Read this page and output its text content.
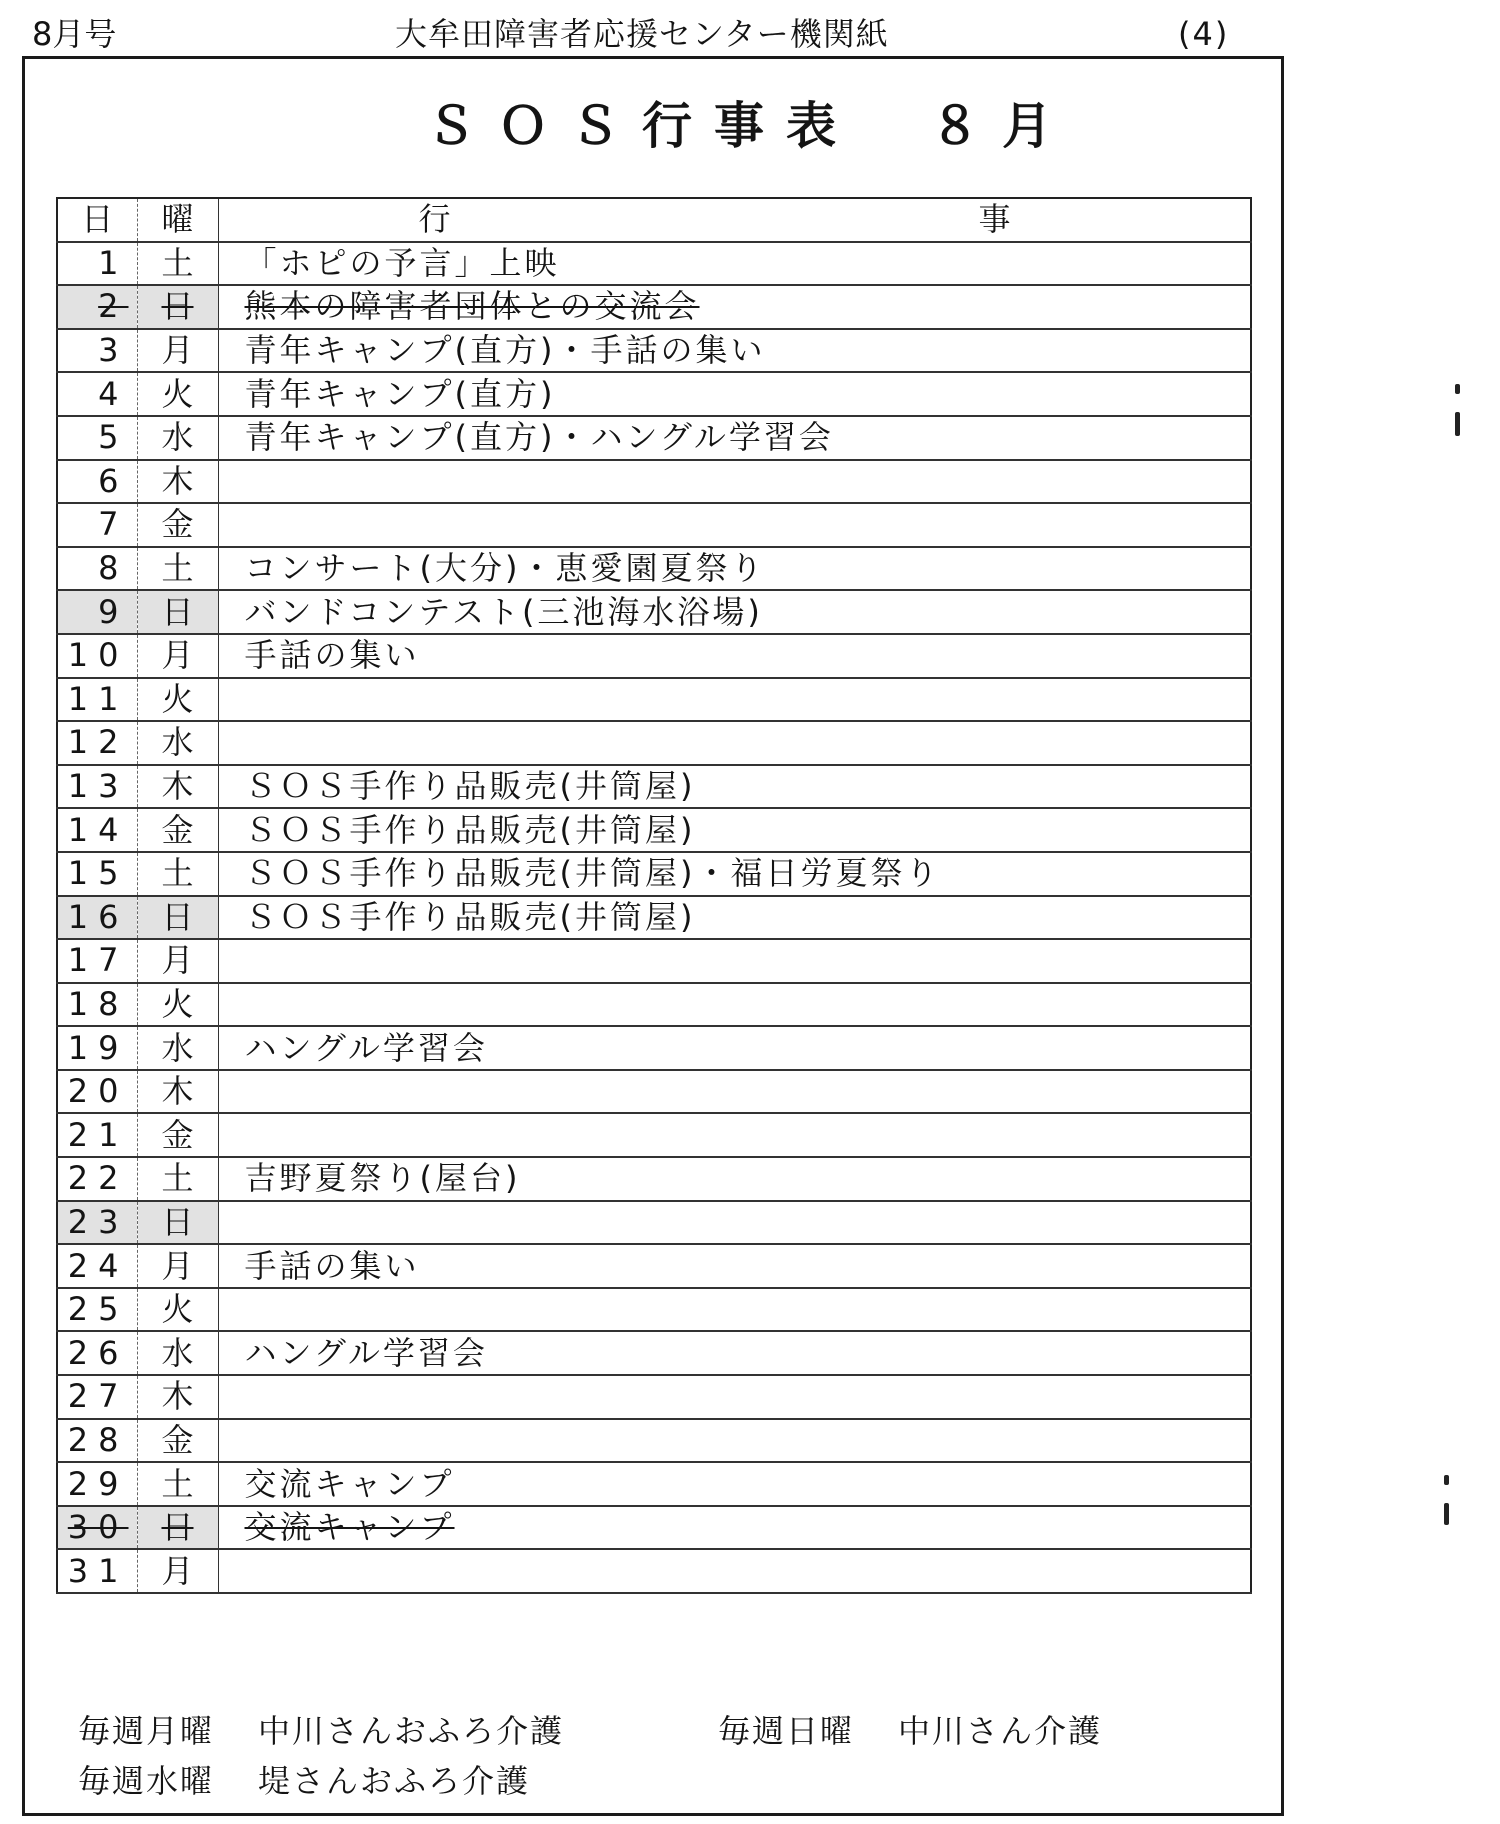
8月号	大牟田障害者応援センター機関紙	(4)
ＳＯＳ行事表　８月
日	曜	行 事

1	土	「ホピの予言」上映
2	日	熊本の障害者団体との交流会
3	月	青年キャンプ(直方)・手話の集い
4	火	青年キャンプ(直方)
5	水	青年キャンプ(直方)・ハングル学習会
6	木	
7	金	
8	土	コンサート(大分)・恵愛園夏祭り
9	日	バンドコンテスト(三池海水浴場)
10	月	手話の集い
11	火	
12	水	
13	木	ＳＯＳ手作り品販売(井筒屋)
14	金	ＳＯＳ手作り品販売(井筒屋)
15	土	ＳＯＳ手作り品販売(井筒屋)・福日労夏祭り
16	日	ＳＯＳ手作り品販売(井筒屋)
17	月	
18	火	
19	水	ハングル学習会
20	木	
21	金	
22	土	吉野夏祭り(屋台)
23	日	
24	月	手話の集い
25	火	
26	水	ハングル学習会
27	木	
28	金	
29	土	交流キャンプ
30	日	交流キャンプ
31	月	
毎週月曜 中川さんおふろ介護	毎週日曜 中川さん介護
毎週水曜 堤さんおふろ介護
